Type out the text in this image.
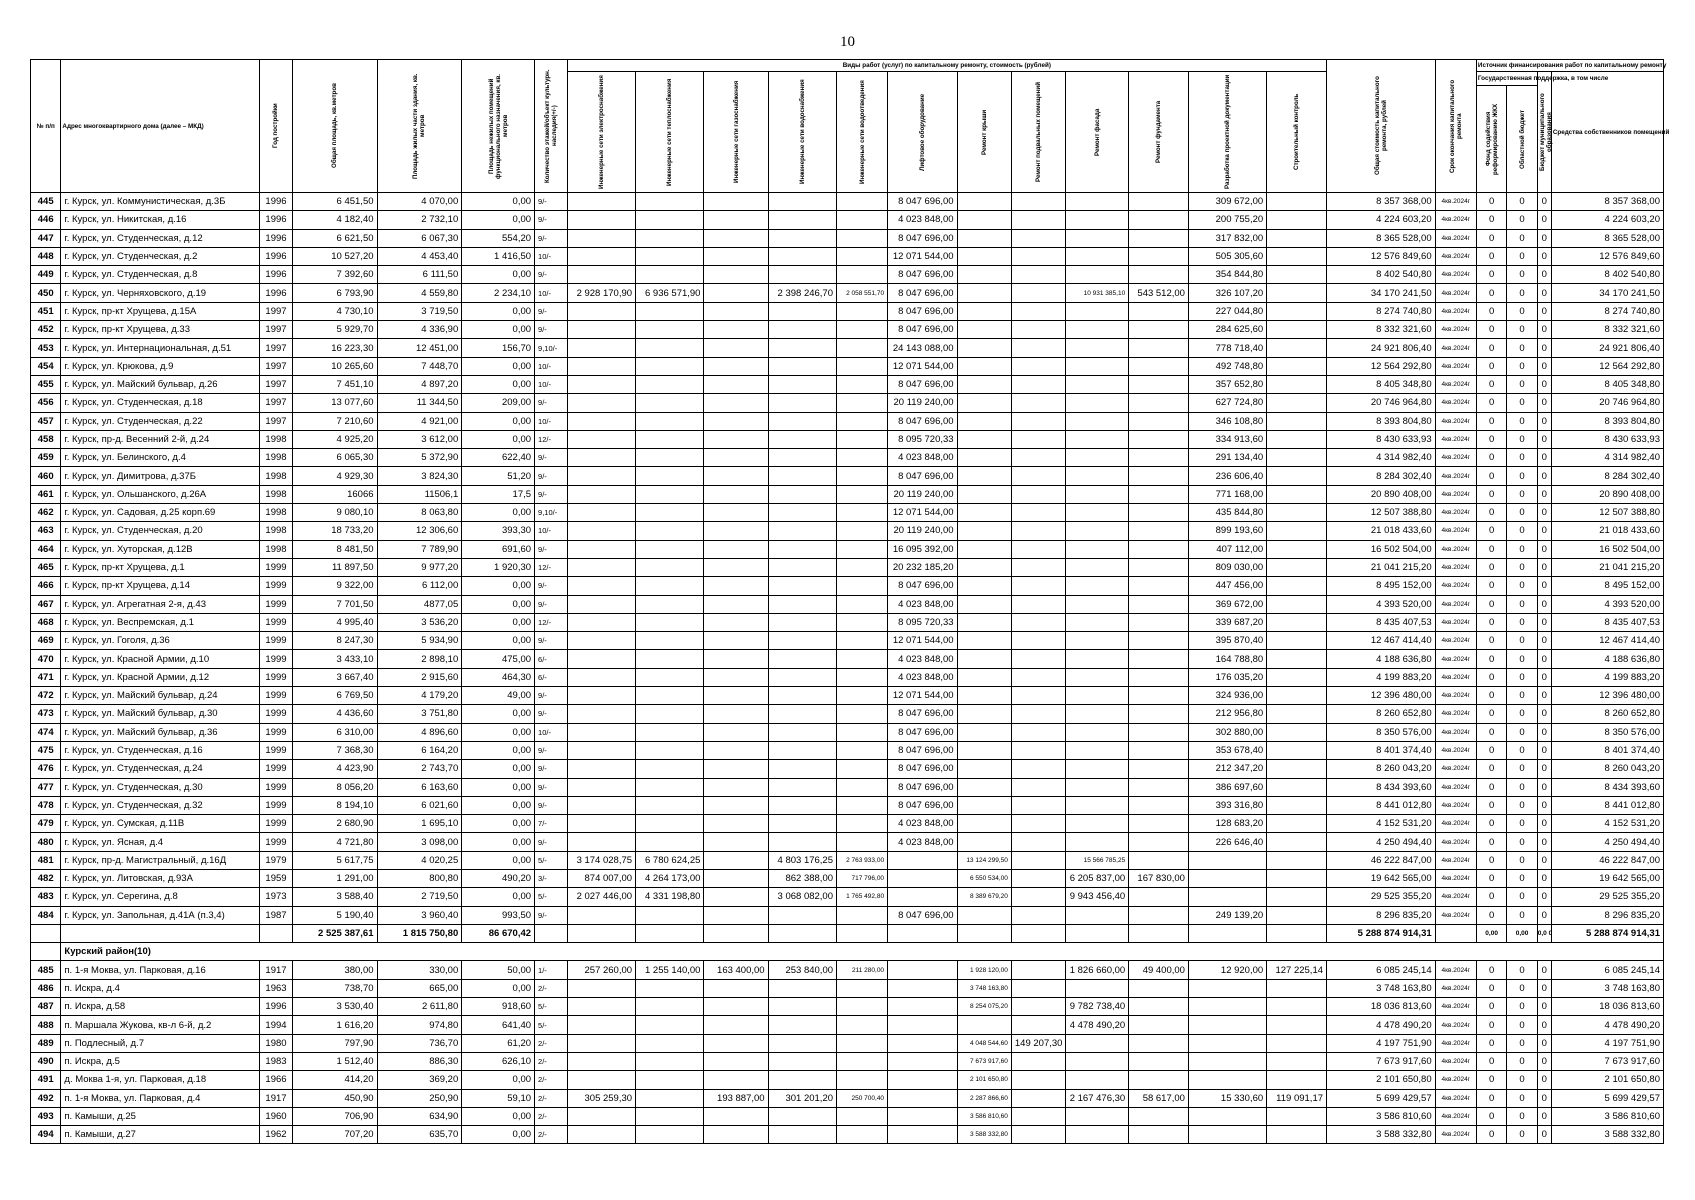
10
№ п/п	Адрес многоквартирного дома (далее – МКД)	Год постройки	Общая площадь, кв.метров	Площадь жилых части здания, кв. метров	Площадь нежилых помещений функционального назначения, кв. метров	Количество этажей/объект культурн. наследия(+/-)	Виды работ (услуг) по капитальному ремонту, стоимость (рублей)												Общая стоимость капитального ремонта, рублей	Срок окончания капитального ремонта	Источник финансирования работ по капитальному ремонту			

							Инженерные сети электроснабжения	Инженерные сети теплоснабжения	Инженерные сети газоснабжения	Инженерные сети водоснабжения	Инженерные сети водоотведения	Лифтовое оборудование	Ремонт крыши	Ремонт подвальных помещений	Ремонт фасада	Ремонт фундамента	Разработка проектной документации	Строительный контроль			Государственная поддержка, в том числе		Бюджет муниципального образования	Средства собственников помещений

																					Фонд содействия реформированию ЖКХ	Областной бюджет		

445	г. Курск, ул. Коммунистическая, д.3Б	1996	6 451,50	4 070,00	0,00	9/-						8 047 696,00					309 672,00		8 357 368,00	4кв.2024г	0	0	0	8 357 368,00
446	г. Курск, ул. Никитская, д.16	1996	4 182,40	2 732,10	0,00	9/-						4 023 848,00					200 755,20		4 224 603,20	4кв.2024г	0	0	0	4 224 603,20
447	г. Курск, ул. Студенческая, д.12	1996	6 621,50	6 067,30	554,20	9/-						8 047 696,00					317 832,00		8 365 528,00	4кв.2024г	0	0	0	8 365 528,00
448	г. Курск, ул. Студенческая, д.2	1996	10 527,20	4 453,40	1 416,50	10/-						12 071 544,00					505 305,60		12 576 849,60	4кв.2024г	0	0	0	12 576 849,60
449	г. Курск, ул. Студенческая, д.8	1996	7 392,60	6 111,50	0,00	9/-						8 047 696,00					354 844,80		8 402 540,80	4кв.2024г	0	0	0	8 402 540,80
450	г. Курск, ул. Черняховского, д.19	1996	6 793,90	4 559,80	2 234,10	10/-	2 928 170,90	6 936 571,90		2 398 246,70	2 058 551,70	8 047 696,00			10 931 385,10	543 512,00	326 107,20		34 170 241,50	4кв.2024г	0	0	0	34 170 241,50
451	г. Курск, пр-кт Хрущева, д.15А	1997	4 730,10	3 719,50	0,00	9/-						8 047 696,00					227 044,80		8 274 740,80	4кв.2024г	0	0	0	8 274 740,80
452	г. Курск, пр-кт Хрущева, д.33	1997	5 929,70	4 336,90	0,00	9/-						8 047 696,00					284 625,60		8 332 321,60	4кв.2024г	0	0	0	8 332 321,60
453	г. Курск, ул. Интернациональная, д.51	1997	16 223,30	12 451,00	156,70	9,10/-						24 143 088,00					778 718,40		24 921 806,40	4кв.2024г	0	0	0	24 921 806,40
454	г. Курск, ул. Крюкова, д.9	1997	10 265,60	7 448,70	0,00	10/-						12 071 544,00					492 748,80		12 564 292,80	4кв.2024г	0	0	0	12 564 292,80
455	г. Курск, ул. Майский бульвар, д.26	1997	7 451,10	4 897,20	0,00	10/-						8 047 696,00					357 652,80		8 405 348,80	4кв.2024г	0	0	0	8 405 348,80
456	г. Курск, ул. Студенческая, д.18	1997	13 077,60	11 344,50	209,00	9/-						20 119 240,00					627 724,80		20 746 964,80	4кв.2024г	0	0	0	20 746 964,80
457	г. Курск, ул. Студенческая, д.22	1997	7 210,60	4 921,00	0,00	10/-						8 047 696,00					346 108,80		8 393 804,80	4кв.2024г	0	0	0	8 393 804,80
458	г. Курск, пр-д. Весенний 2-й, д.24	1998	4 925,20	3 612,00	0,00	12/-						8 095 720,33					334 913,60		8 430 633,93	4кв.2024г	0	0	0	8 430 633,93
459	г. Курск, ул. Белинского, д.4	1998	6 065,30	5 372,90	622,40	9/-						4 023 848,00					291 134,40		4 314 982,40	4кв.2024г	0	0	0	4 314 982,40
460	г. Курск, ул. Димитрова, д.37Б	1998	4 929,30	3 824,30	51,20	9/-						8 047 696,00					236 606,40		8 284 302,40	4кв.2024г	0	0	0	8 284 302,40
461	г. Курск, ул. Ольшанского, д.26А	1998	16066	11506,1	17,5	9/-						20 119 240,00					771 168,00		20 890 408,00	4кв.2024г	0	0	0	20 890 408,00
462	г. Курск, ул. Садовая, д.25 корп.69	1998	9 080,10	8 063,80	0,00	9,10/-						12 071 544,00					435 844,80		12 507 388,80	4кв.2024г	0	0	0	12 507 388,80
463	г. Курск, ул. Студенческая, д.20	1998	18 733,20	12 306,60	393,30	10/-						20 119 240,00					899 193,60		21 018 433,60	4кв.2024г	0	0	0	21 018 433,60
464	г. Курск, ул. Хуторская, д.12В	1998	8 481,50	7 789,90	691,60	9/-						16 095 392,00					407 112,00		16 502 504,00	4кв.2024г	0	0	0	16 502 504,00
465	г. Курск, пр-кт Хрущева, д.1	1999	11 897,50	9 977,20	1 920,30	12/-						20 232 185,20					809 030,00		21 041 215,20	4кв.2024г	0	0	0	21 041 215,20
466	г. Курск, пр-кт Хрущева, д.14	1999	9 322,00	6 112,00	0,00	9/-						8 047 696,00					447 456,00		8 495 152,00	4кв.2024г	0	0	0	8 495 152,00
467	г. Курск, ул. Агрегатная 2-я, д.43	1999	7 701,50	4877,05	0,00	9/-						4 023 848,00					369 672,00		4 393 520,00	4кв.2024г	0	0	0	4 393 520,00
468	г. Курск, ул. Веспремская, д.1	1999	4 995,40	3 536,20	0,00	12/-						8 095 720,33					339 687,20		8 435 407,53	4кв.2024г	0	0	0	8 435 407,53
469	г. Курск, ул. Гоголя, д.36	1999	8 247,30	5 934,90	0,00	9/-						12 071 544,00					395 870,40		12 467 414,40	4кв.2024г	0	0	0	12 467 414,40
470	г. Курск, ул. Красной Армии, д.10	1999	3 433,10	2 898,10	475,00	6/-						4 023 848,00					164 788,80		4 188 636,80	4кв.2024г	0	0	0	4 188 636,80
471	г. Курск, ул. Красной Армии, д.12	1999	3 667,40	2 915,60	464,30	6/-						4 023 848,00					176 035,20		4 199 883,20	4кв.2024г	0	0	0	4 199 883,20
472	г. Курск, ул. Майский бульвар, д.24	1999	6 769,50	4 179,20	49,00	9/-						12 071 544,00					324 936,00		12 396 480,00	4кв.2024г	0	0	0	12 396 480,00
473	г. Курск, ул. Майский бульвар, д.30	1999	4 436,60	3 751,80	0,00	9/-						8 047 696,00					212 956,80		8 260 652,80	4кв.2024г	0	0	0	8 260 652,80
474	г. Курск, ул. Майский бульвар, д.36	1999	6 310,00	4 896,60	0,00	10/-						8 047 696,00					302 880,00		8 350 576,00	4кв.2024г	0	0	0	8 350 576,00
475	г. Курск, ул. Студенческая, д.16	1999	7 368,30	6 164,20	0,00	9/-						8 047 696,00					353 678,40		8 401 374,40	4кв.2024г	0	0	0	8 401 374,40
476	г. Курск, ул. Студенческая, д.24	1999	4 423,90	2 743,70	0,00	9/-						8 047 696,00					212 347,20		8 260 043,20	4кв.2024г	0	0	0	8 260 043,20
477	г. Курск, ул. Студенческая, д.30	1999	8 056,20	6 163,60	0,00	9/-						8 047 696,00					386 697,60		8 434 393,60	4кв.2024г	0	0	0	8 434 393,60
478	г. Курск, ул. Студенческая, д.32	1999	8 194,10	6 021,60	0,00	9/-						8 047 696,00					393 316,80		8 441 012,80	4кв.2024г	0	0	0	8 441 012,80
479	г. Курск, ул. Сумская, д.11В	1999	2 680,90	1 695,10	0,00	7/-						4 023 848,00					128 683,20		4 152 531,20	4кв.2024г	0	0	0	4 152 531,20
480	г. Курск, ул. Ясная, д.4	1999	4 721,80	3 098,00	0,00	9/-						4 023 848,00					226 646,40		4 250 494,40	4кв.2024г	0	0	0	4 250 494,40
481	г. Курск, пр-д. Магистральный, д.16Д	1979	5 617,75	4 020,25	0,00	5/-	3 174 028,75	6 780 624,25		4 803 176,25	2 763 933,00		13 124 299,50		15 566 785,25				46 222 847,00	4кв.2024г	0	0	0	46 222 847,00
482	г. Курск, ул. Литовская, д.93А	1959	1 291,00	800,80	490,20	3/-	874 007,00	4 264 173,00		862 388,00	717 796,00		6 550 534,00		6 205 837,00	167 830,00			19 642 565,00	4кв.2024г	0	0	0	19 642 565,00
483	г. Курск, ул. Серегина, д.8	1973	3 588,40	2 719,50	0,00	5/-	2 027 446,00	4 331 198,80		3 068 082,00	1 765 492,80		8 389 679,20		9 943 456,40				29 525 355,20	4кв.2024г	0	0	0	29 525 355,20
484	г. Курск, ул. Запольная, д.41А (п.3,4)	1987	5 190,40	3 960,40	993,50	9/-						8 047 696,00					249 139,20		8 296 835,20	4кв.2024г	0	0	0	8 296 835,20
			2 525 387,61	1 815 750,80	86 670,42														5 288 874 914,31		0,00	0,00	0,0 0	5 288 874 914,31
	Курский район(10)																							
485	п. 1-я Моква, ул. Парковая, д.16	1917	380,00	330,00	50,00	1/-	257 260,00	1 255 140,00	163 400,00	253 840,00	211 280,00		1 928 120,00		1 826 660,00	49 400,00	12 920,00	127 225,14	6 085 245,14	4кв.2024г	0	0	0	6 085 245,14
486	п. Искра, д.4	1963	738,70	665,00	0,00	2/-							3 748 163,80						3 748 163,80	4кв.2024г	0	0	0	3 748 163,80
487	п. Искра, д.58	1996	3 530,40	2 611,80	918,60	5/-							8 254 075,20		9 782 738,40				18 036 813,60	4кв.2024г	0	0	0	18 036 813,60
488	п. Маршала Жукова, кв-л 6-й, д.2	1994	1 616,20	974,80	641,40	5/-									4 478 490,20				4 478 490,20	4кв.2024г	0	0	0	4 478 490,20
489	п. Подлесный, д.7	1980	797,90	736,70	61,20	2/-							4 048 544,60	149 207,30					4 197 751,90	4кв.2024г	0	0	0	4 197 751,90
490	п. Искра, д.5	1983	1 512,40	886,30	626,10	2/-							7 673 917,60						7 673 917,60	4кв.2024г	0	0	0	7 673 917,60
491	д. Моква 1-я, ул. Парковая, д.18	1966	414,20	369,20	0,00	2/-							2 101 650,80						2 101 650,80	4кв.2024г	0	0	0	2 101 650,80
492	п. 1-я Моква, ул. Парковая, д.4	1917	450,90	250,90	59,10	2/-	305 259,30		193 887,00	301 201,20	250 700,40		2 287 866,60		2 167 476,30	58 617,00	15 330,60	119 091,17	5 699 429,57	4кв.2024г	0	0	0	5 699 429,57
493	п. Камыши, д.25	1960	706,90	634,90	0,00	2/-							3 586 810,60						3 586 810,60	4кв.2024г	0	0	0	3 586 810,60
494	п. Камыши, д.27	1962	707,20	635,70	0,00	2/-							3 588 332,80						3 588 332,80	4кв.2024г	0	0	0	3 588 332,80
